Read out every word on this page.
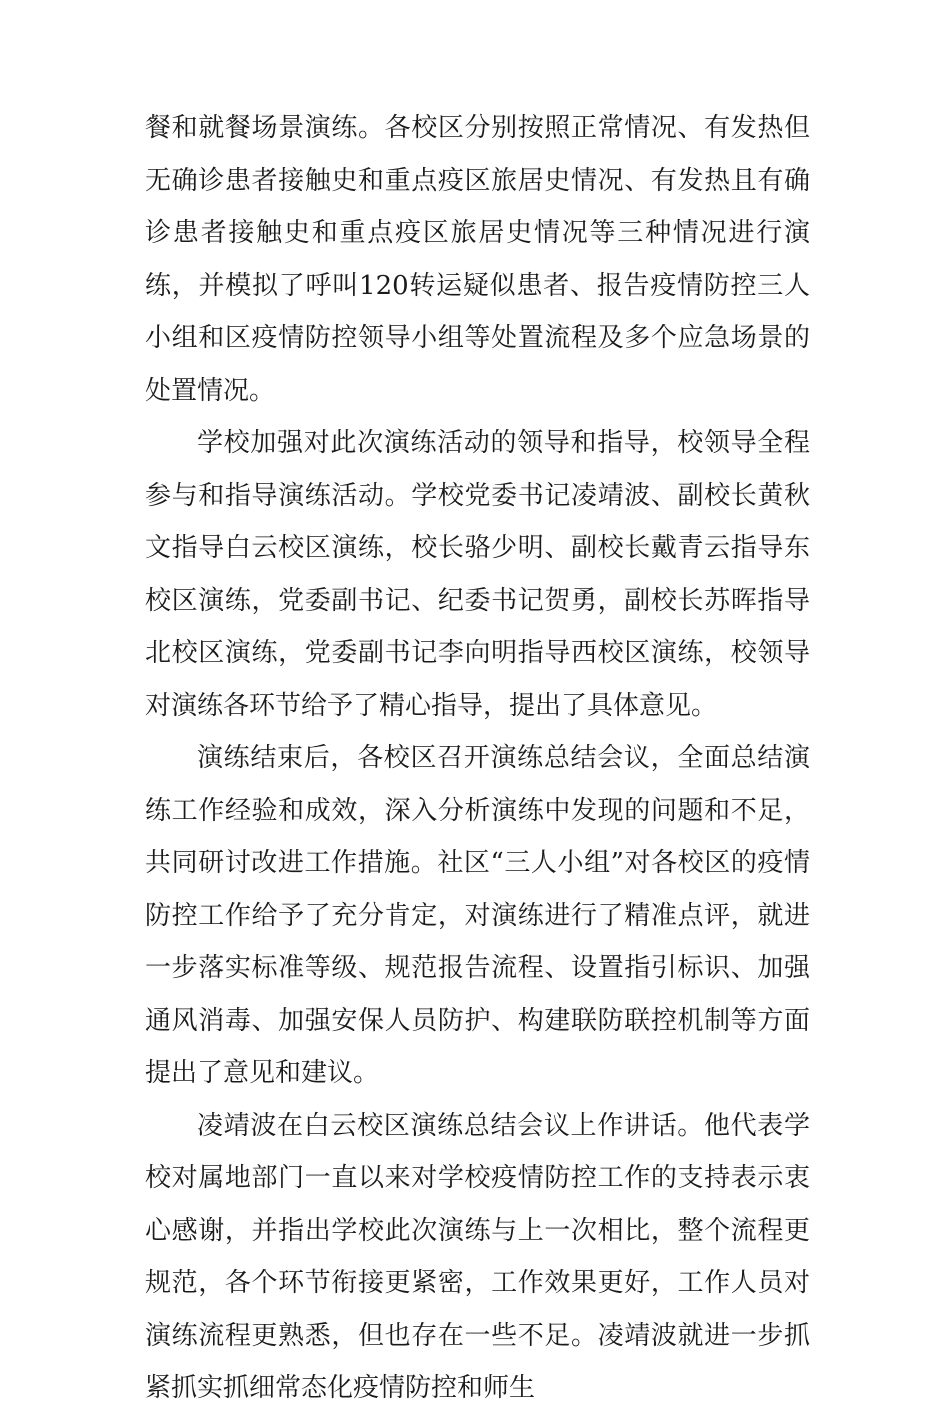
餐和就餐场景演练。各校区分别按照正常情况、有发热但无确诊患者接触史和重点疫区旅居史情况、有发热且有确诊患者接触史和重点疫区旅居史情况等三种情况进行演练，并模拟了呼叫120转运疑似患者、报告疫情防控三人小组和区疫情防控领导小组等处置流程及多个应急场景的处置情况。

学校加强对此次演练活动的领导和指导，校领导全程参与和指导演练活动。学校党委书记凌靖波、副校长黄秋文指导白云校区演练，校长骆少明、副校长戴青云指导东校区演练，党委副书记、纪委书记贺勇，副校长苏晖指导北校区演练，党委副书记李向明指导西校区演练，校领导对演练各环节给予了精心指导，提出了具体意见。

演练结束后，各校区召开演练总结会议，全面总结演练工作经验和成效，深入分析演练中发现的问题和不足，共同研讨改进工作措施。社区“三人小组”对各校区的疫情防控工作给予了充分肯定，对演练进行了精准点评，就进一步落实标准等级、规范报告流程、设置指引标识、加强通风消毒、加强安保人员防护、构建联防联控机制等方面提出了意见和建议。

凌靖波在白云校区演练总结会议上作讲话。他代表学校对属地部门一直以来对学校疫情防控工作的支持表示衷心感谢，并指出学校此次演练与上一次相比，整个流程更规范，各个环节衔接更紧密，工作效果更好，工作人员对演练流程更熟悉，但也存在一些不足。凌靖波就进一步抓紧抓实抓细常态化疫情防控和师生
